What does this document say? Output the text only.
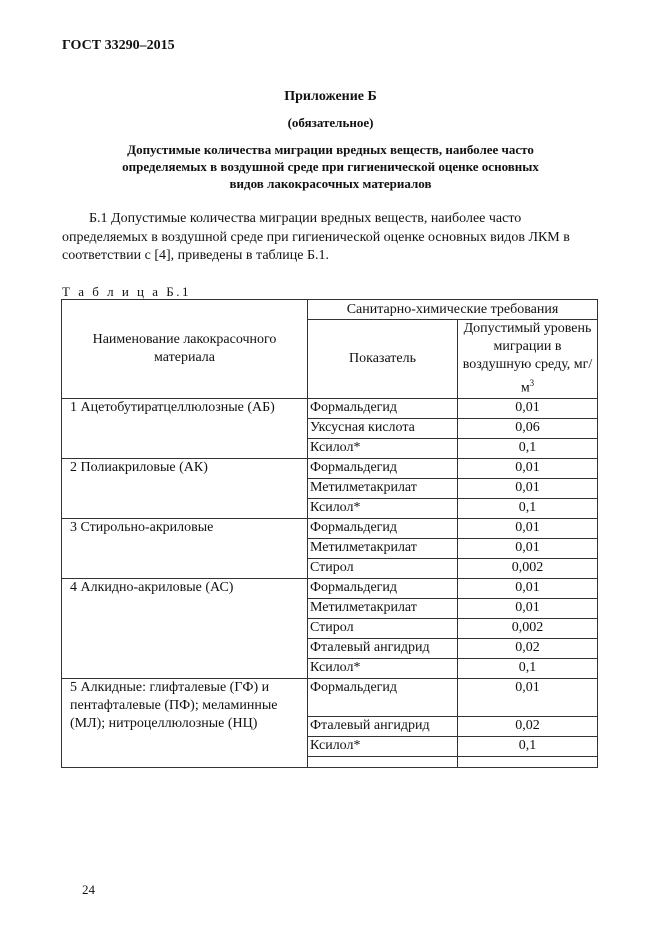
ГОСТ 33290–2015
Приложение Б
(обязательное)
Допустимые количества миграции вредных веществ, наиболее часто
определяемых в воздушной среде при гигиенической оценке основных
видов лакокрасочных материалов
Б.1 Допустимые количества миграции вредных веществ, наиболее часто определяемых в воздушной среде при гигиенической оценке основных видов ЛКМ в соответствии с [4], приведены в таблице Б.1.
Т а б л и ц а Б.1
Наименование лакокрасочного материала	Санитарно-химические требования	
	Показатель	Допустимый уровень миграции в воздушную среду, $мг/м^3$
1 Ацетобутиратцеллюлозные (АБ)	Формальдегид	0,01
	Уксусная кислота	0,06
	Ксилол*	0,1
2 Полиакриловые (АК)	Формальдегид	0,01
	Метилметакрилат	0,01
	Ксилол*	0,1
3 Стирольно-акриловые	Формальдегид	0,01
	Метилметакрилат	0,01
	Стирол	0,002
4 Алкидно-акриловые (АС)	Формальдегид	0,01
	Метилметакрилат	0,01
	Стирол	0,002
	Фталевый ангидрид	0,02
	Ксилол*	0,1
5 Алкидные: глифталевые (ГФ) и пентафталевые (ПФ); меламинные (МЛ); нитроцеллюлозные (НЦ)	Формальдегид	0,01
	Фталевый ангидрид	0,02
	Ксилол*	0,1

24
